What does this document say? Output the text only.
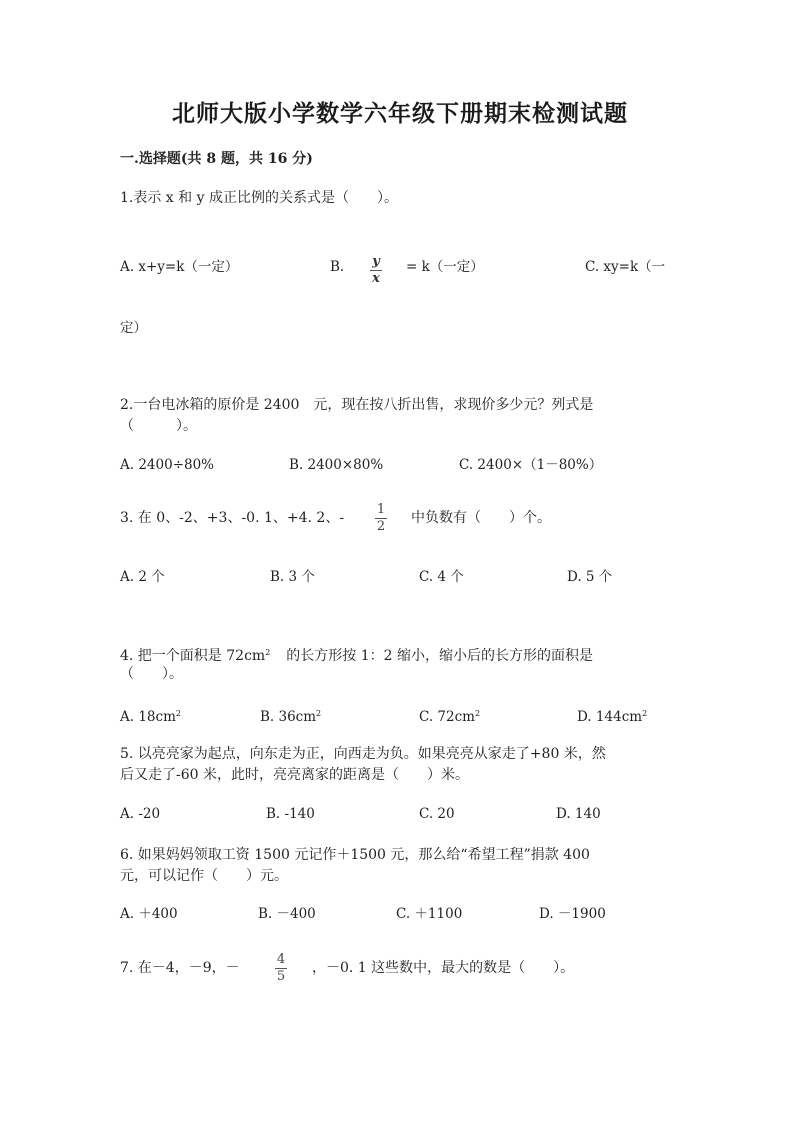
北师大版小学数学六年级下册期末检测试题
一.选择题(共 8 题，共 16 分)
1.表示 x 和 y 成正比例的关系式是（　　）。
A. x+y=k（一定）	B. y
x
= k（一定）	C. xy=k（一
定）
2.一台电冰箱的原价是 2400　元，现在按八折出售，求现价多少元？列式是
（　　　）。
A. 2400÷80%	B. 2400×80%	C. 2400×（1－80%）
3. 在 0、-2、+3、-0. 1、+4. 2、-
1
2
中负数有（　　）个。
A. 2 个	B. 3 个	C. 4 个	D. 5 个
4. 把一个面积是 $72cm^2$ 的长方形按 1：2 缩小，缩小后的长方形的面积是
（　　）。
A. $18cm^2$	B. $36cm^2$	C. $72cm^2$	D. $144cm^2$
5. 以亮亮家为起点，向东走为正，向西走为负。如果亮亮从家走了+80 米，然
后又走了-60 米，此时，亮亮离家的距离是（　　）米。
A. -20	B. -140	C. 20	D. 140
6. 如果妈妈领取工资 1500 元记作＋1500 元，那么给“希望工程”捐款 400
元，可以记作（　　）元。
A. ＋400	B. －400	C. ＋1100	D. －1900
7. 在－4，－9，－
4
5
，－0. 1 这些数中，最大的数是（　　）。
